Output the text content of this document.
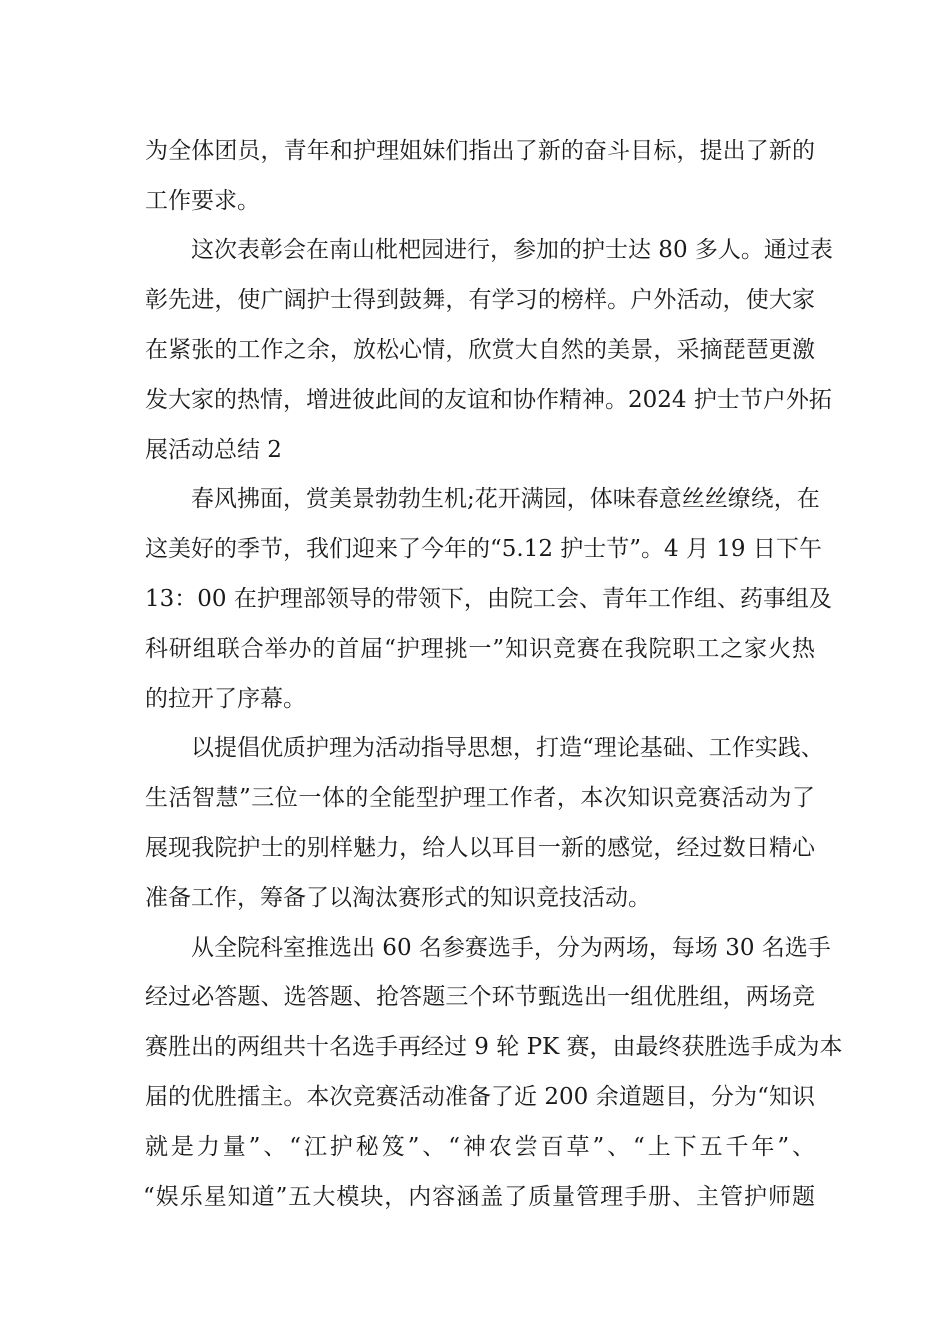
为全体团员，青年和护理姐妹们指出了新的奋斗目标，提出了新的
工作要求。
这次表彰会在南山枇杷园进行，参加的护士达 80 多人。通过表
彰先进，使广阔护士得到鼓舞，有学习的榜样。户外活动，使大家
在紧张的工作之余，放松心情，欣赏大自然的美景，采摘琵琶更激
发大家的热情，增进彼此间的友谊和协作精神。2024 护士节户外拓
展活动总结 2
春风拂面，赏美景勃勃生机;花开满园，体味春意丝丝缭绕，在
这美好的季节，我们迎来了今年的“5.12 护士节”。4 月 19 日下午
13：00 在护理部领导的带领下，由院工会、青年工作组、药事组及
科研组联合举办的首届“护理挑一”知识竞赛在我院职工之家火热
的拉开了序幕。
以提倡优质护理为活动指导思想，打造“理论基础、工作实践、
生活智慧”三位一体的全能型护理工作者，本次知识竞赛活动为了
展现我院护士的别样魅力，给人以耳目一新的感觉，经过数日精心
准备工作，筹备了以淘汰赛形式的知识竞技活动。
从全院科室推选出 60 名参赛选手，分为两场，每场 30 名选手
经过必答题、选答题、抢答题三个环节甄选出一组优胜组，两场竞
赛胜出的两组共十名选手再经过 9 轮 PK 赛，由最终获胜选手成为本
届的优胜擂主。本次竞赛活动准备了近 200 余道题目，分为“知识
就是力量”、“江护秘笈”、“神农尝百草”、“上下五千年”、
“娱乐星知道”五大模块，内容涵盖了质量管理手册、主管护师题
